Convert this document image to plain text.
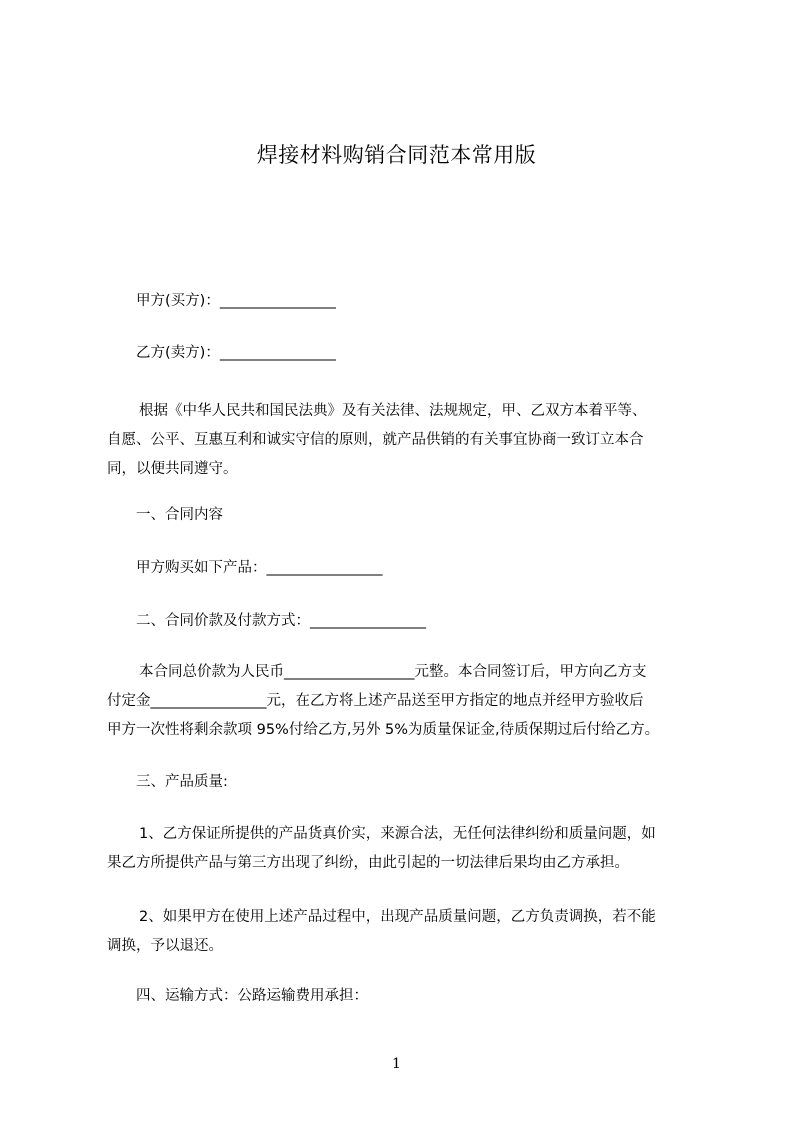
焊接材料购销合同范本常用版
甲方(买方)：________________
乙方(卖方)：________________
根据《中华人民共和国民法典》及有关法律、法规规定，甲、乙双方本着平等、
自愿、公平、互惠互利和诚实守信的原则，就产品供销的有关事宜协商一致订立本合
同，以便共同遵守。
一、合同内容
甲方购买如下产品：________________
二、合同价款及付款方式：________________
本合同总价款为人民币__________________元整。本合同签订后，甲方向乙方支
付定金________________元，在乙方将上述产品送至甲方指定的地点并经甲方验收后
甲方一次性将剩余款项 95%付给乙方,另外 5%为质量保证金,待质保期过后付给乙方。
三、产品质量:
1、乙方保证所提供的产品货真价实，来源合法，无任何法律纠纷和质量问题，如
果乙方所提供产品与第三方出现了纠纷，由此引起的一切法律后果均由乙方承担。
2、如果甲方在使用上述产品过程中，出现产品质量问题，乙方负责调换，若不能
调换，予以退还。
四、运输方式：公路运输费用承担：
1
